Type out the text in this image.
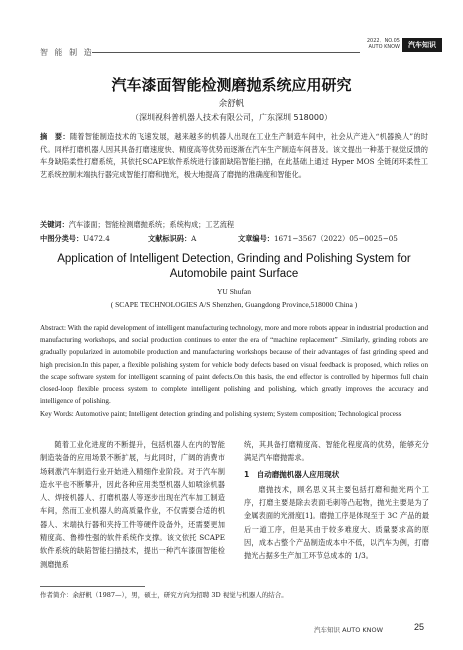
智 能 制 造
2022．NO.05
AUTO KNOW	汽车知识
汽车漆面智能检测磨抛系统应用研究
余舒帆
（深圳视科普机器人技术有限公司，广东深圳 518000）
摘　要：随着智能制造技术的飞速发展，越来越多的机器人出现在工业生产制造车间中，社会从产进入“机器换人”的时代。同样打磨机器人因其具备打磨速度快、精度高等优势而逐渐在汽车生产制造车间普及。该文提出一种基于视觉反馈的车身缺陷柔性打磨系统，其依托SCAPE软件系统进行漆面缺陷智能扫描，在此基础上通过 Hyper MOS 全链闭环柔性工艺系统控制末端执行器完成智能打磨和抛光，极大地提高了磨抛的准确度和智能化。
关键词：汽车漆面；智能检测磨抛系统；系统构成；工艺流程
中图分类号：U472.4	文献标识码：A	文章编号：1671−3567（2022）05−0025−05
Application of Intelligent Detection, Grinding and Polishing System for Automobile paint Surface
YU Shufan
( SCAPE TECHNOLOGIES A/S Shenzhen, Guangdong Province,518000 China )
Abstract: With the rapid development of intelligent manufacturing technology, more and more robots appear in industrial production and manufacturing workshops, and social production continues to enter the era of “machine replacement” .Similarly, grinding robots are gradually popularized in automobile production and manufacturing workshops because of their advantages of fast grinding speed and high precision.In this paper, a flexible polishing system for vehicle body defects based on visual feedback is proposed, which relies on the scape software system for intelligent scanning of paint defects.On this basis, the end effector is controlled by hipermos full chain closed-loop flexible process system to complete intelligent polishing and polishing, which greatly improves the accuracy and intelligence of polishing.
Key Words: Automotive paint; Intelligent detection grinding and polishing system; System composition; Technological process

随着工业化进度的不断提升，包括机器人在内的智能制造装备的应用场景不断扩展，与此同时，广阔的消费市场刺激汽车制造行业开始进入精细作业阶段。对于汽车制造水平也不断攀升，因此各种应用类型机器人如喷涂机器人、焊接机器人、打磨机器人等逐步出现在汽车加工制造车间，然而工业机器人的高质量作业，不仅需要合适的机器人、末端执行器和夹持工件等硬件设备外，还需要更加精度高、鲁棒性强的软件系统作支撑。该文依托 SCAPE 软件系统的缺陷智能扫描技术，提出一种汽车漆面智能检测磨抛系

统，其具备打磨精度高、智能化程度高的优势，能够充分满足汽车磨抛需求。

1　自动磨抛机器人应用现状

磨抛技术，顾名思义其主要包括打磨和抛光两个工序，打磨主要是除去表面毛刺等凸起物，抛光主要是为了金属表面的光滑度[1]。磨抛工序是体现至于 3C 产品的最后一道工序，但是其由于较多难度大、质量要求高的原因，成本占整个产品制造成本中不低，以汽车为例，打磨抛光占据多生产加工环节总成本的 1/3。

作者简介：余舒帆（1987—），男，硕士，研究方向为招聘 3D 视觉与机器人的结合。
汽车知识 AUTO KNOW	25
